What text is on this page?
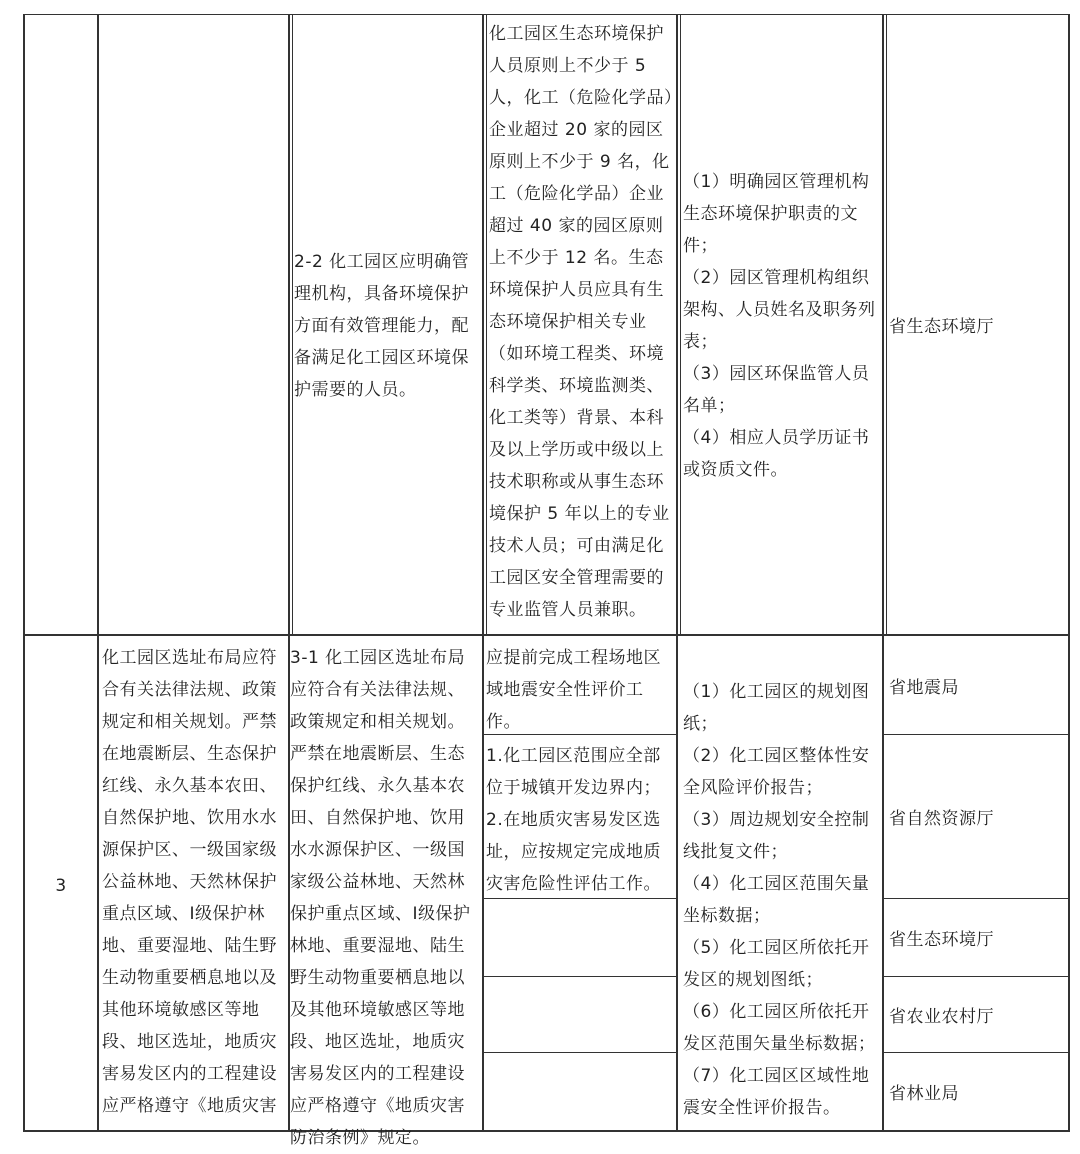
2-2 化工园区应明确管理机构，具备环境保护方面有效管理能力，配备满足化工园区环境保护需要的人员。
化工园区生态环境保护人员原则上不少于 5 人，化工（危险化学品）企业超过 20 家的园区原则上不少于 9 名，化工（危险化学品）企业超过 40 家的园区原则上不少于 12 名。生态环境保护人员应具有生态环境保护相关专业（如环境工程类、环境科学类、环境监测类、化工类等）背景、本科及以上学历或中级以上技术职称或从事生态环境保护 5 年以上的专业技术人员；可由满足化工园区安全管理需要的专业监管人员兼职。
（1）明确园区管理机构生态环境保护职责的文件；
（2）园区管理机构组织架构、人员姓名及职务列表；
（3）园区环保监管人员名单；
（4）相应人员学历证书或资质文件。
省生态环境厅
3
化工园区选址布局应符合有关法律法规、政策规定和相关规划。严禁在地震断层、生态保护红线、永久基本农田、自然保护地、饮用水水源保护区、一级国家级公益林地、天然林保护重点区域、Ⅰ级保护林地、重要湿地、陆生野生动物重要栖息地以及其他环境敏感区等地段、地区选址，地质灾害易发区内的工程建设应严格遵守《地质灾害
3-1 化工园区选址布局应符合有关法律法规、政策规定和相关规划。严禁在地震断层、生态保护红线、永久基本农田、自然保护地、饮用水水源保护区、一级国家级公益林地、天然林保护重点区域、Ⅰ级保护林地、重要湿地、陆生野生动物重要栖息地以及其他环境敏感区等地段、地区选址，地质灾害易发区内的工程建设应严格遵守《地质灾害防治条例》规定。
应提前完成工程场地区域地震安全性评价工作。
1.化工园区范围应全部位于城镇开发边界内；2.在地质灾害易发区选址，应按规定完成地质灾害危险性评估工作。
（1）化工园区的规划图纸；
（2）化工园区整体性安全风险评价报告；
（3）周边规划安全控制线批复文件；
（4）化工园区范围矢量坐标数据；
（5）化工园区所依托开发区的规划图纸；
（6）化工园区所依托开发区范围矢量坐标数据；
（7）化工园区区域性地震安全性评价报告。
省地震局
省自然资源厅
省生态环境厅
省农业农村厅
省林业局
